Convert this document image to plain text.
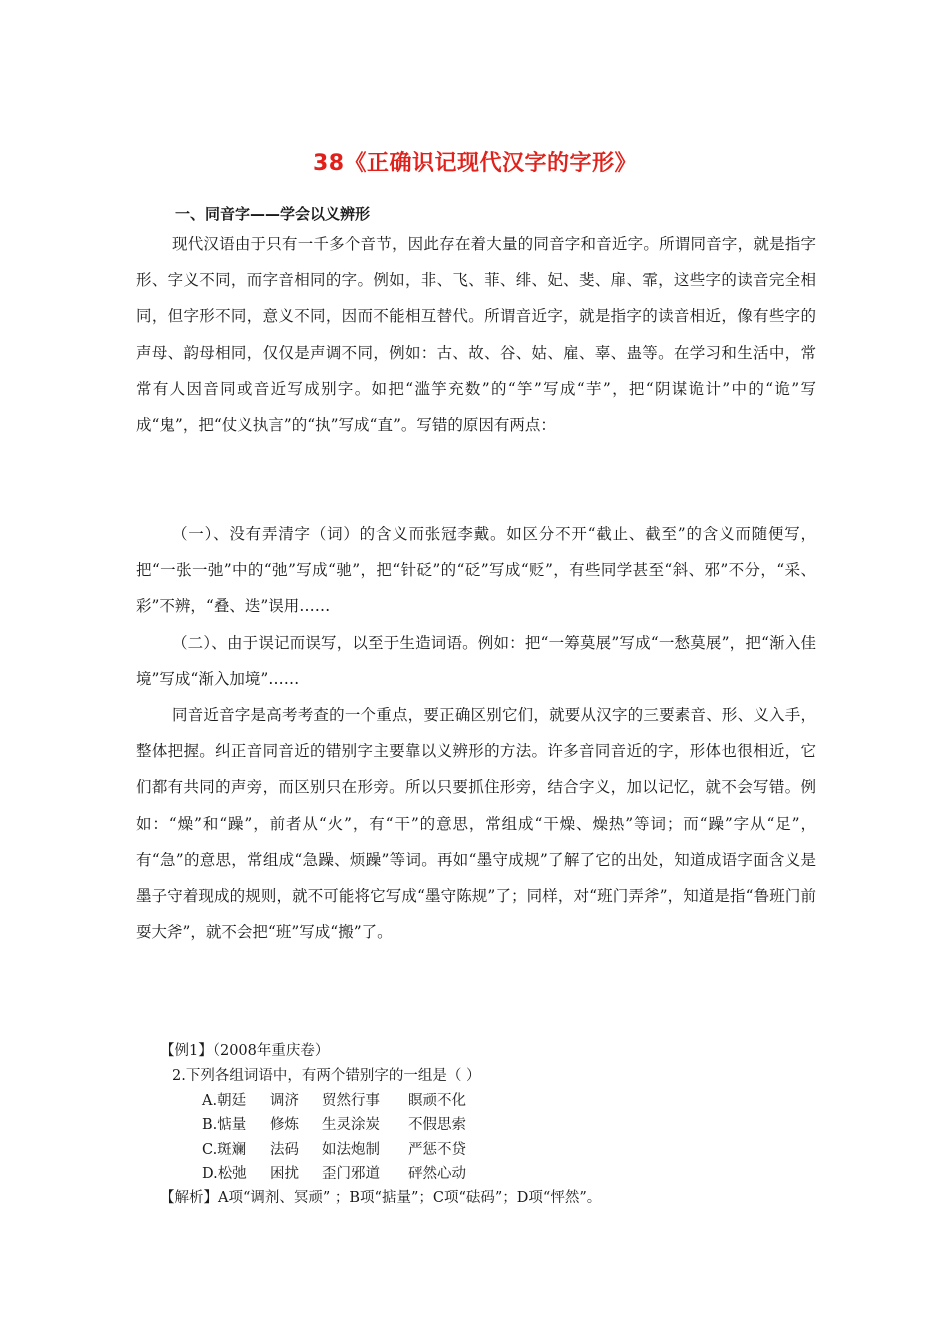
38《正确识记现代汉字的字形》
一、同音字——学会以义辨形

现代汉语由于只有一千多个音节，因此存在着大量的同音字和音近字。所谓同音字，就是指字形、字义不同，而字音相同的字。例如，非、飞、菲、绯、妃、斐、扉、霏，这些字的读音完全相同，但字形不同，意义不同，因而不能相互替代。所谓音近字，就是指字的读音相近，像有些字的声母、韵母相同，仅仅是声调不同，例如：古、故、谷、姑、雇、辜、蛊等。在学习和生活中，常常有人因音同或音近写成别字。如把“滥竽充数”的“竽”写成“芋”，把“阴谋诡计”中的“诡”写成“鬼”，把“仗义执言”的“执”写成“直”。写错的原因有两点：

（一）、没有弄清字（词）的含义而张冠李戴。如区分不开“截止、截至”的含义而随便写，把“一张一弛”中的“弛”写成“驰”，把“针砭”的“砭”写成“贬”，有些同学甚至“斜、邪”不分，“采、彩”不辨，“叠、迭”误用……

（二）、由于误记而误写，以至于生造词语。例如：把“一筹莫展”写成“一愁莫展”，把“渐入佳境”写成“渐入加境”……

同音近音字是高考考查的一个重点，要正确区别它们，就要从汉字的三要素音、形、义入手，整体把握。纠正音同音近的错别字主要靠以义辨形的方法。许多音同音近的字，形体也很相近，它们都有共同的声旁，而区别只在形旁。所以只要抓住形旁，结合字义，加以记忆，就不会写错。例如：“燥”和“躁”，前者从“火”，有“干”的意思，常组成“干燥、燥热”等词；而“躁”字从“足”，有“急”的意思，常组成“急躁、烦躁”等词。再如“墨守成规”了解了它的出处，知道成语字面含义是墨子守着现成的规则，就不可能将它写成“墨守陈规”了；同样，对“班门弄斧”，知道是指“鲁班门前耍大斧”，就不会把“班”写成“搬”了。

【例1】（2008年重庆卷）
2.下列各组词语中，有两个错别字的一组是（ ）
A.朝廷 调济 贸然行事 瞑顽不化
B.惦量 修炼 生灵涂炭 不假思索
C.斑斓 法码 如法炮制 严惩不贷
D.松弛 困扰 歪门邪道 砰然心动
【解析】A项“调剂、冥顽” ；B项“掂量”；C项“砝码”；D项“怦然”。
